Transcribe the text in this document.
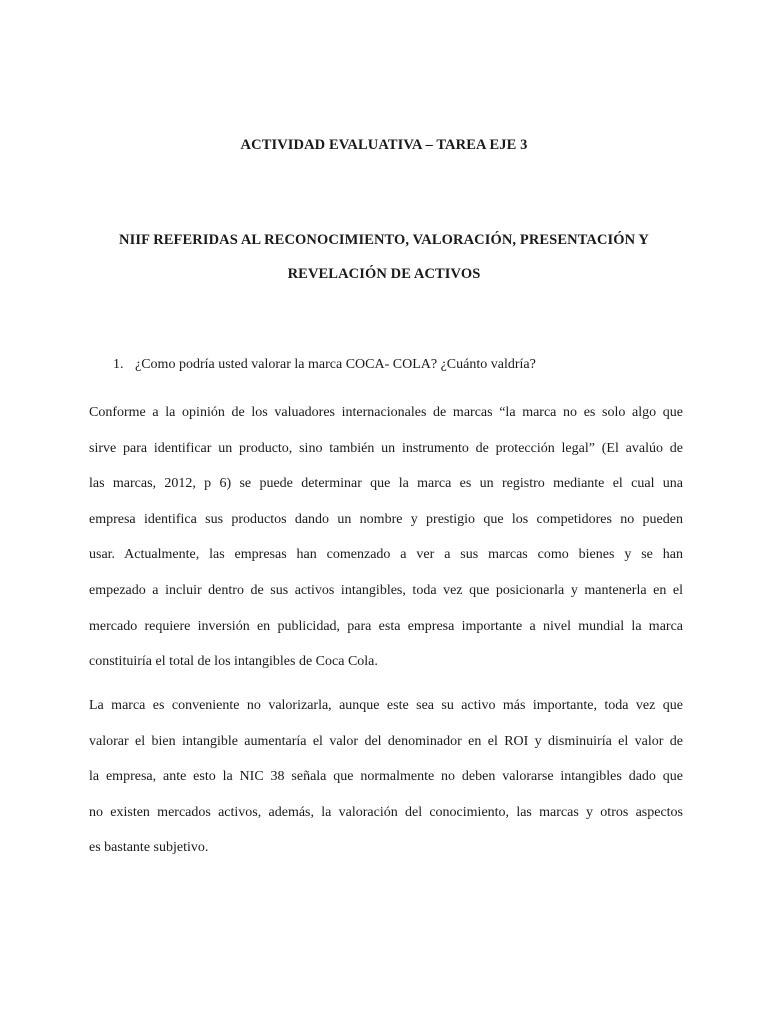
ACTIVIDAD EVALUATIVA – TAREA EJE 3
NIIF REFERIDAS AL RECONOCIMIENTO, VALORACIÓN, PRESENTACIÓN Y
REVELACIÓN DE ACTIVOS
1. ¿Como podría usted valorar la marca COCA- COLA? ¿Cuánto valdría?

Conforme a la opinión de los valuadores internacionales de marcas “la marca no es solo algo que
sirve para identificar un producto, sino también un instrumento de protección legal” (El avalúo de
las marcas, 2012, p 6) se puede determinar que la marca es un registro mediante el cual una
empresa identifica sus productos dando un nombre y prestigio que los competidores no pueden
usar. Actualmente, las empresas han comenzado a ver a sus marcas como bienes y se han
empezado a incluir dentro de sus activos intangibles, toda vez que posicionarla y mantenerla en el
mercado requiere inversión en publicidad, para esta empresa importante a nivel mundial la marca
constituiría el total de los intangibles de Coca Cola.

La marca es conveniente no valorizarla, aunque este sea su activo más importante, toda vez que
valorar el bien intangible aumentaría el valor del denominador en el ROI y disminuiría el valor de
la empresa, ante esto la NIC 38 señala que normalmente no deben valorarse intangibles dado que
no existen mercados activos, además, la valoración del conocimiento, las marcas y otros aspectos
es bastante subjetivo.
